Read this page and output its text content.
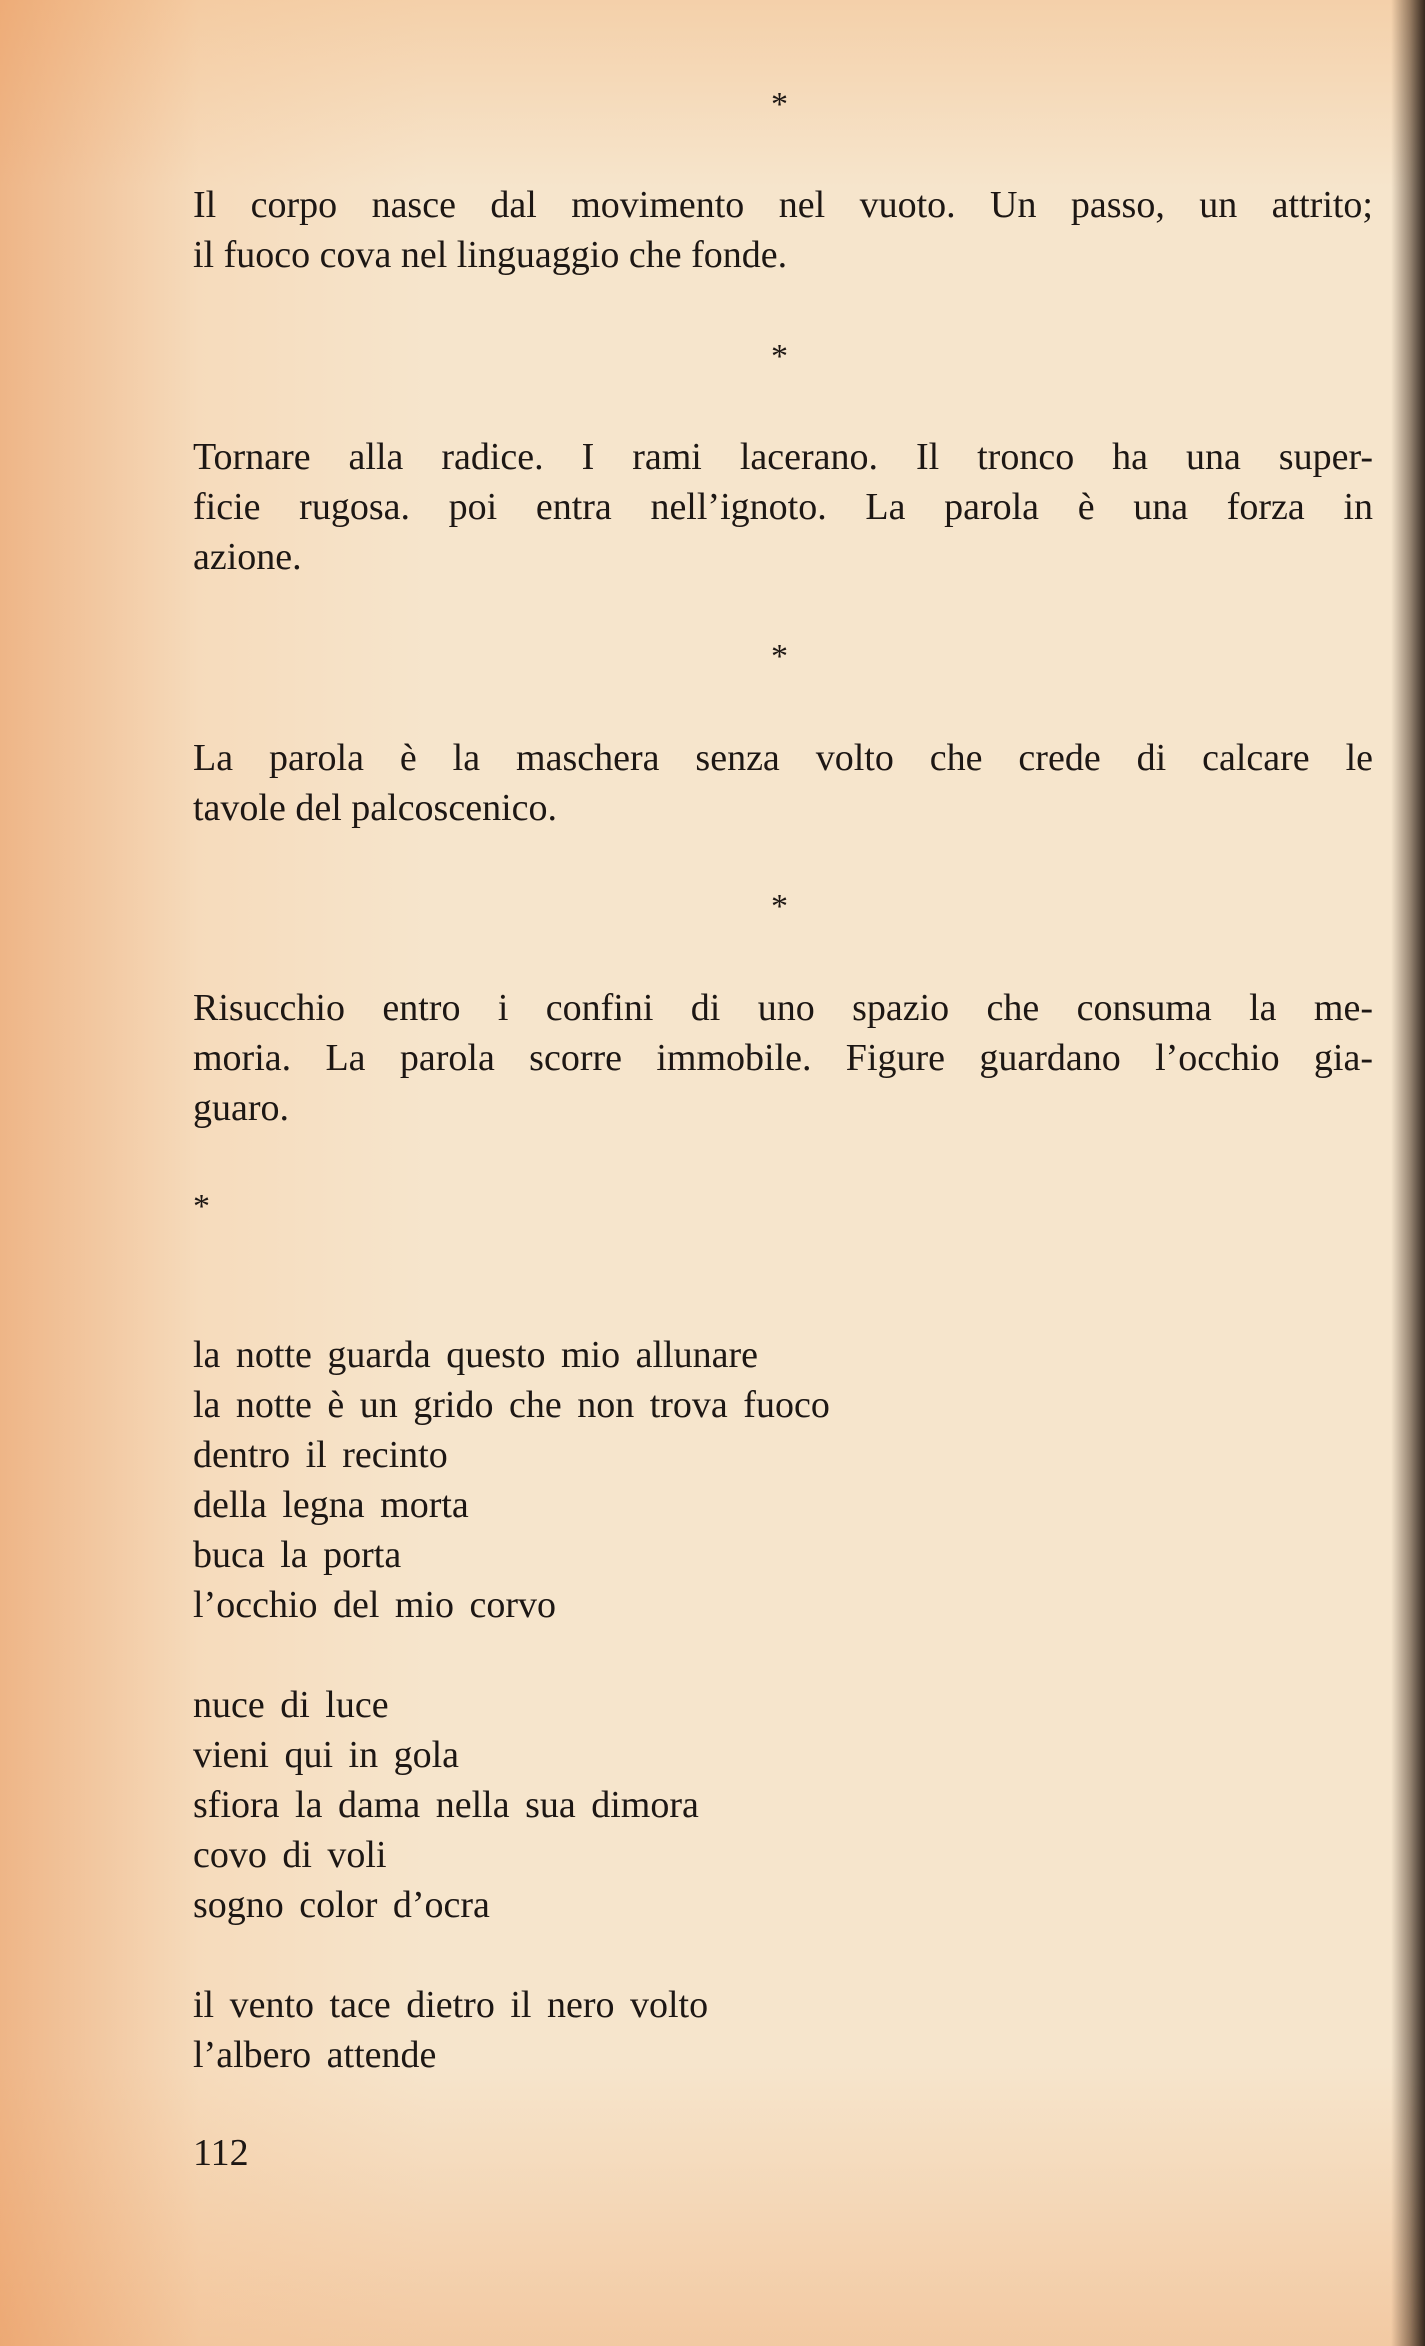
*

Il corpo nasce dal movimento nel vuoto. Un passo, un attrito;
il fuoco cova nel linguaggio che fonde.

*

Tornare alla radice. I rami lacerano. Il tronco ha una super-
ficie rugosa. poi entra nell’ignoto. La parola è una forza in
azione.

*

La parola è la maschera senza volto che crede di calcare le
tavole del palcoscenico.

*

Risucchio entro i confini di uno spazio che consuma la me-
moria. La parola scorre immobile. Figure guardano l’occhio gia-
guaro.

*
la notte guarda questo mio allunare
la notte è un grido che non trova fuoco
dentro il recinto
della legna morta
buca la porta
l’occhio del mio corvo
nuce di luce
vieni qui in gola
sfiora la dama nella sua dimora
covo di voli
sogno color d’ocra
il vento tace dietro il nero volto
l’albero attende
112
